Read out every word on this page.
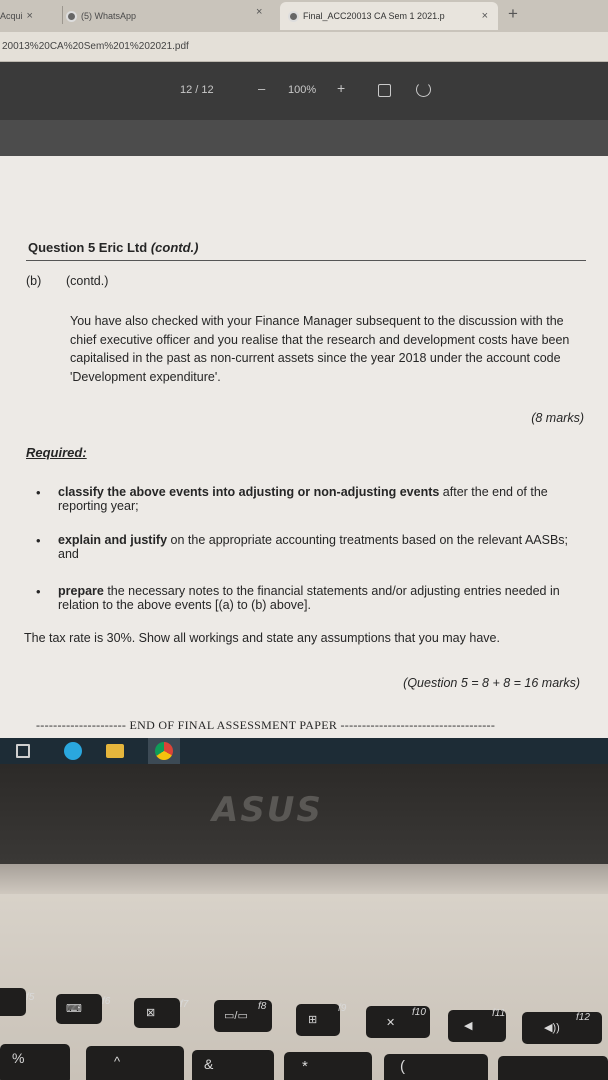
Acqui ×	(5) WhatsApp	×	Final_ACC20013 CA Sem 1 2021.p	× +
20013%20CA%20Sem%201%202021.pdf
12 / 12	– 100% +
Question 5 Eric Ltd (contd.)
(b) (contd.)

You have also checked with your Finance Manager subsequent to the discussion with the chief executive officer and you realise that the research and development costs have been capitalised in the past as non-current assets since the year 2018 under the account code 'Development expenditure'.

(8 marks)
Required:
• classify the above events into adjusting or non-adjusting events after the end of the reporting year;
• explain and justify on the appropriate accounting treatments based on the relevant AASBs; and
• prepare the necessary notes to the financial statements and/or adjusting entries needed in relation to the above events [(a) to (b) above].

The tax rate is 30%. Show all workings and state any assumptions that you may have.

(Question 5 = 8 + 8 = 16 marks)
--------------------- END OF FINAL ASSESSMENT PAPER ------------------------------------
ASUS
f5
⌨
f6
⊠
f7
▭/▭
f8
⊞
f9
✕
f10
◀
f11
◀))
f12
%	^	&	*	(
